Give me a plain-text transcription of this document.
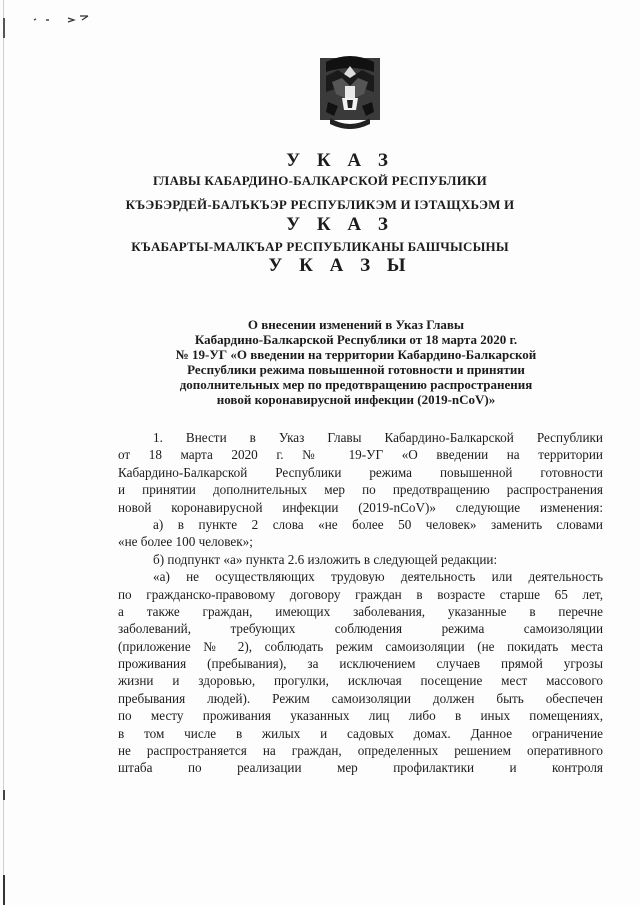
У К А З
ГЛАВЫ КАБАРДИНО-БАЛКАРСКОЙ РЕСПУБЛИКИ
КЪЭБЭРДЕЙ-БАЛЪКЪЭР РЕСПУБЛИКЭМ И ІЭТАЩХЬЭМ И
У К А З
КЪАБАРТЫ-МАЛКЪАР РЕСПУБЛИКАНЫ БАШЧЫСЫНЫ
У К А З Ы
О внесении изменений в Указ Главы
Кабардино-Балкарской Республики от 18 марта 2020 г.
№ 19-УГ «О введении на территории Кабардино-Балкарской
Республики режима повышенной готовности и принятии
дополнительных мер по предотвращению распространения
новой коронавирусной инфекции (2019-nCoV)»
1. Внести в Указ Главы Кабардино-Балкарской Республики
от 18 марта 2020 г. № 19-УГ «О введении на территории
Кабардино-Балкарской Республики режима повышенной готовности
и принятии дополнительных мер по предотвращению распространения
новой коронавирусной инфекции (2019-nCoV)» следующие изменения:
а) в пункте 2 слова «не более 50 человек» заменить словами
«не более 100 человек»;
б) подпункт «а» пункта 2.6 изложить в следующей редакции:
«а) не осуществляющих трудовую деятельность или деятельность
по гражданско-правовому договору граждан в возрасте старше 65 лет,
а также граждан, имеющих заболевания, указанные в перечне
заболеваний, требующих соблюдения режима самоизоляции
(приложение № 2), соблюдать режим самоизоляции (не покидать места
проживания (пребывания), за исключением случаев прямой угрозы
жизни и здоровью, прогулки, исключая посещение мест массового
пребывания людей). Режим самоизоляции должен быть обеспечен
по месту проживания указанных лиц либо в иных помещениях,
в том числе в жилых и садовых домах. Данное ограничение
не распространяется на граждан, определенных решением оперативного
штаба по реализации мер профилактики и контроля
